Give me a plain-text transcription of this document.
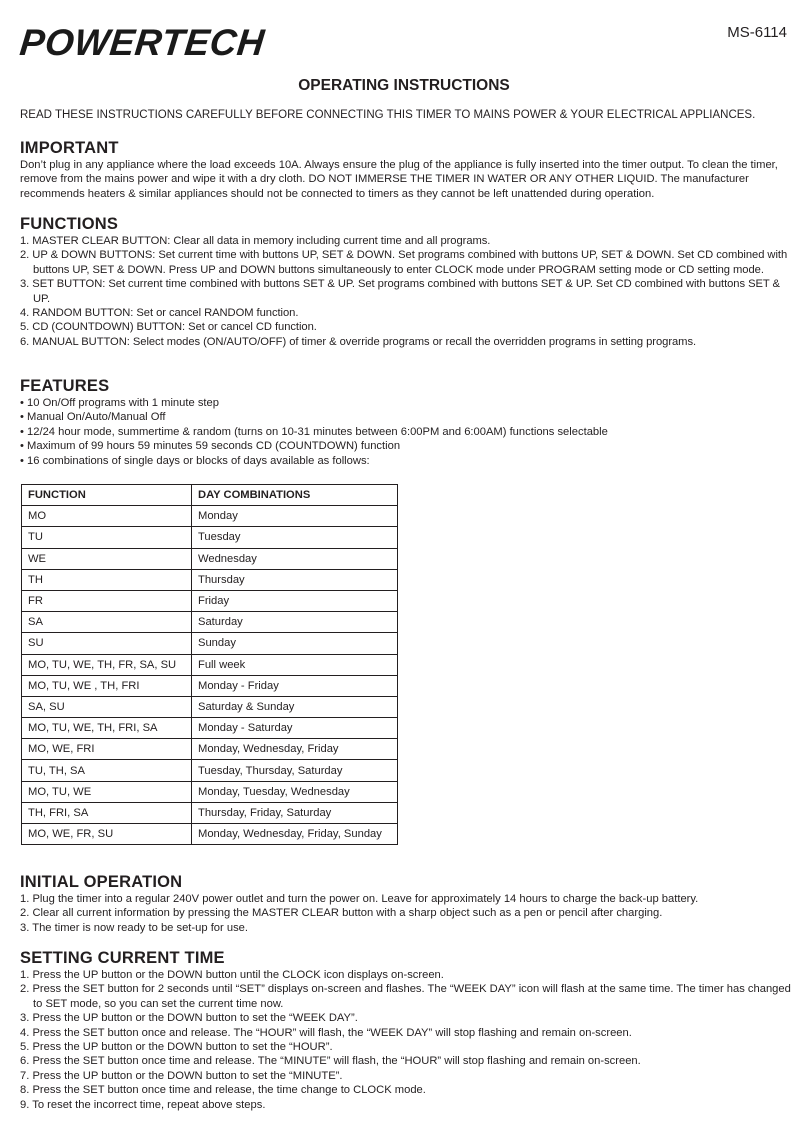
POWERTECH	MS-6114
OPERATING INSTRUCTIONS
READ THESE INSTRUCTIONS CAREFULLY BEFORE CONNECTING THIS TIMER TO MAINS POWER & YOUR ELECTRICAL APPLIANCES.
IMPORTANT
Don’t plug in any appliance where the load exceeds 10A. Always ensure the plug of the appliance is fully inserted into the timer output. To clean the timer, remove from the mains power and wipe it with a dry cloth. DO NOT IMMERSE THE TIMER IN WATER OR ANY OTHER LIQUID. The manufacturer recommends heaters & similar appliances should not be connected to timers as they cannot be left unattended during operation.
FUNCTIONS
1. MASTER CLEAR BUTTON: Clear all data in memory including current time and all programs.
2. UP & DOWN BUTTONS: Set current time with buttons UP, SET & DOWN. Set programs combined with buttons UP, SET & DOWN. Set CD combined with buttons UP, SET & DOWN. Press UP and DOWN buttons simultaneously to enter CLOCK mode under PROGRAM setting mode or CD setting mode.
3. SET BUTTON: Set current time combined with buttons SET & UP. Set programs combined with buttons SET & UP. Set CD combined with buttons SET & UP.
4. RANDOM BUTTON: Set or cancel RANDOM function.
5. CD (COUNTDOWN) BUTTON: Set or cancel CD function.
6. MANUAL BUTTON: Select modes (ON/AUTO/OFF) of timer & override programs or recall the overridden programs in setting programs.
FEATURES
• 10 On/Off programs with 1 minute step
• Manual On/Auto/Manual Off
• 12/24 hour mode, summertime & random (turns on 10-31 minutes between 6:00PM and 6:00AM) functions selectable
• Maximum of 99 hours 59 minutes 59 seconds CD (COUNTDOWN) function
• 16 combinations of single days or blocks of days available as follows:
FUNCTION	DAY COMBINATIONS
MO	Monday
TU	Tuesday
WE	Wednesday
TH	Thursday
FR	Friday
SA	Saturday
SU	Sunday
MO, TU, WE, TH, FR, SA, SU	Full week
MO, TU, WE , TH, FRI	Monday - Friday
SA, SU	Saturday & Sunday
MO, TU, WE, TH, FRI, SA	Monday - Saturday
MO, WE, FRI	Monday, Wednesday, Friday
TU, TH, SA	Tuesday, Thursday, Saturday
MO, TU, WE	Monday, Tuesday, Wednesday
TH, FRI, SA	Thursday, Friday, Saturday
MO, WE, FR, SU	Monday, Wednesday, Friday, Sunday
INITIAL OPERATION
1. Plug the timer into a regular 240V power outlet and turn the power on. Leave for approximately 14 hours to charge the back-up battery.
2. Clear all current information by pressing the MASTER CLEAR button with a sharp object such as a pen or pencil after charging.
3. The timer is now ready to be set-up for use.
SETTING CURRENT TIME
1. Press the UP button or the DOWN button until the CLOCK icon displays on-screen.
2. Press the SET button for 2 seconds until “SET” displays on-screen and flashes. The “WEEK DAY” icon will flash at the same time. The timer has changed to SET mode, so you can set the current time now.
3. Press the UP button or the DOWN button to set the “WEEK DAY”.
4. Press the SET button once and release. The “HOUR” will flash, the “WEEK DAY” will stop flashing and remain on-screen.
5. Press the UP button or the DOWN button to set the “HOUR”.
6. Press the SET button once time and release. The “MINUTE” will flash, the “HOUR” will stop flashing and remain on-screen.
7. Press the UP button or the DOWN button to set the “MINUTE”.
8. Press the SET button once time and release, the time change to CLOCK mode.
9. To reset the incorrect time, repeat above steps.
